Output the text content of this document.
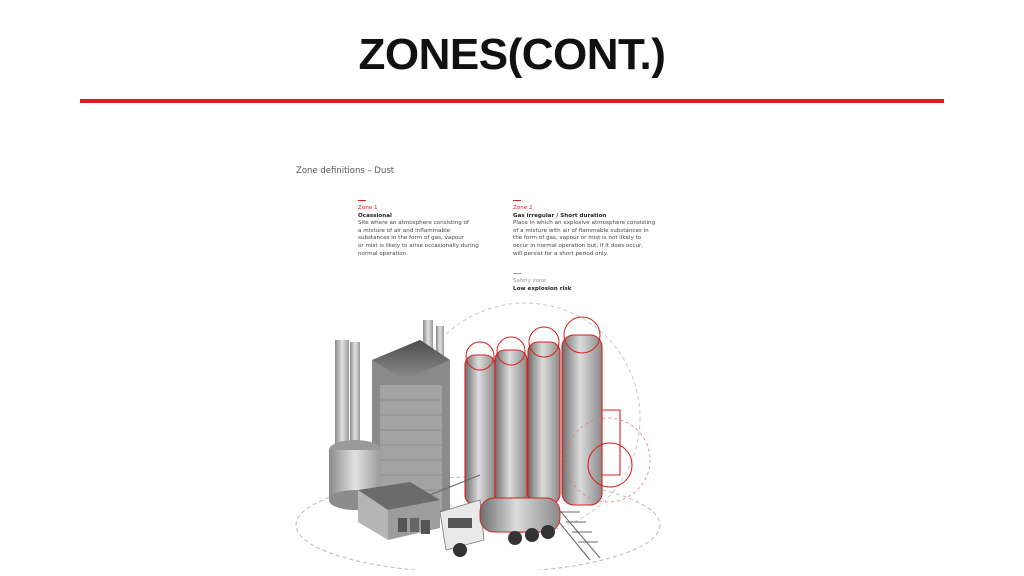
ZONES(CONT.)
Zone definitions – Dust
Zone 1
Ocassional
Site where an atmosphere consisting of
a mixture of air and inflammable
substances in the form of gas, vapour
or mist is likely to arise occasionally during
normal operation.
Zone 2
Gas irregular / Short duration
Place in which an explosive atmosphere consisting
of a mixture with air of flammable substances in
the form of gas, vapour or mist is not likely to
occur in normal operation but, if it does occur,
will persist for a short period only.
Safety zone
Low explosion risk
